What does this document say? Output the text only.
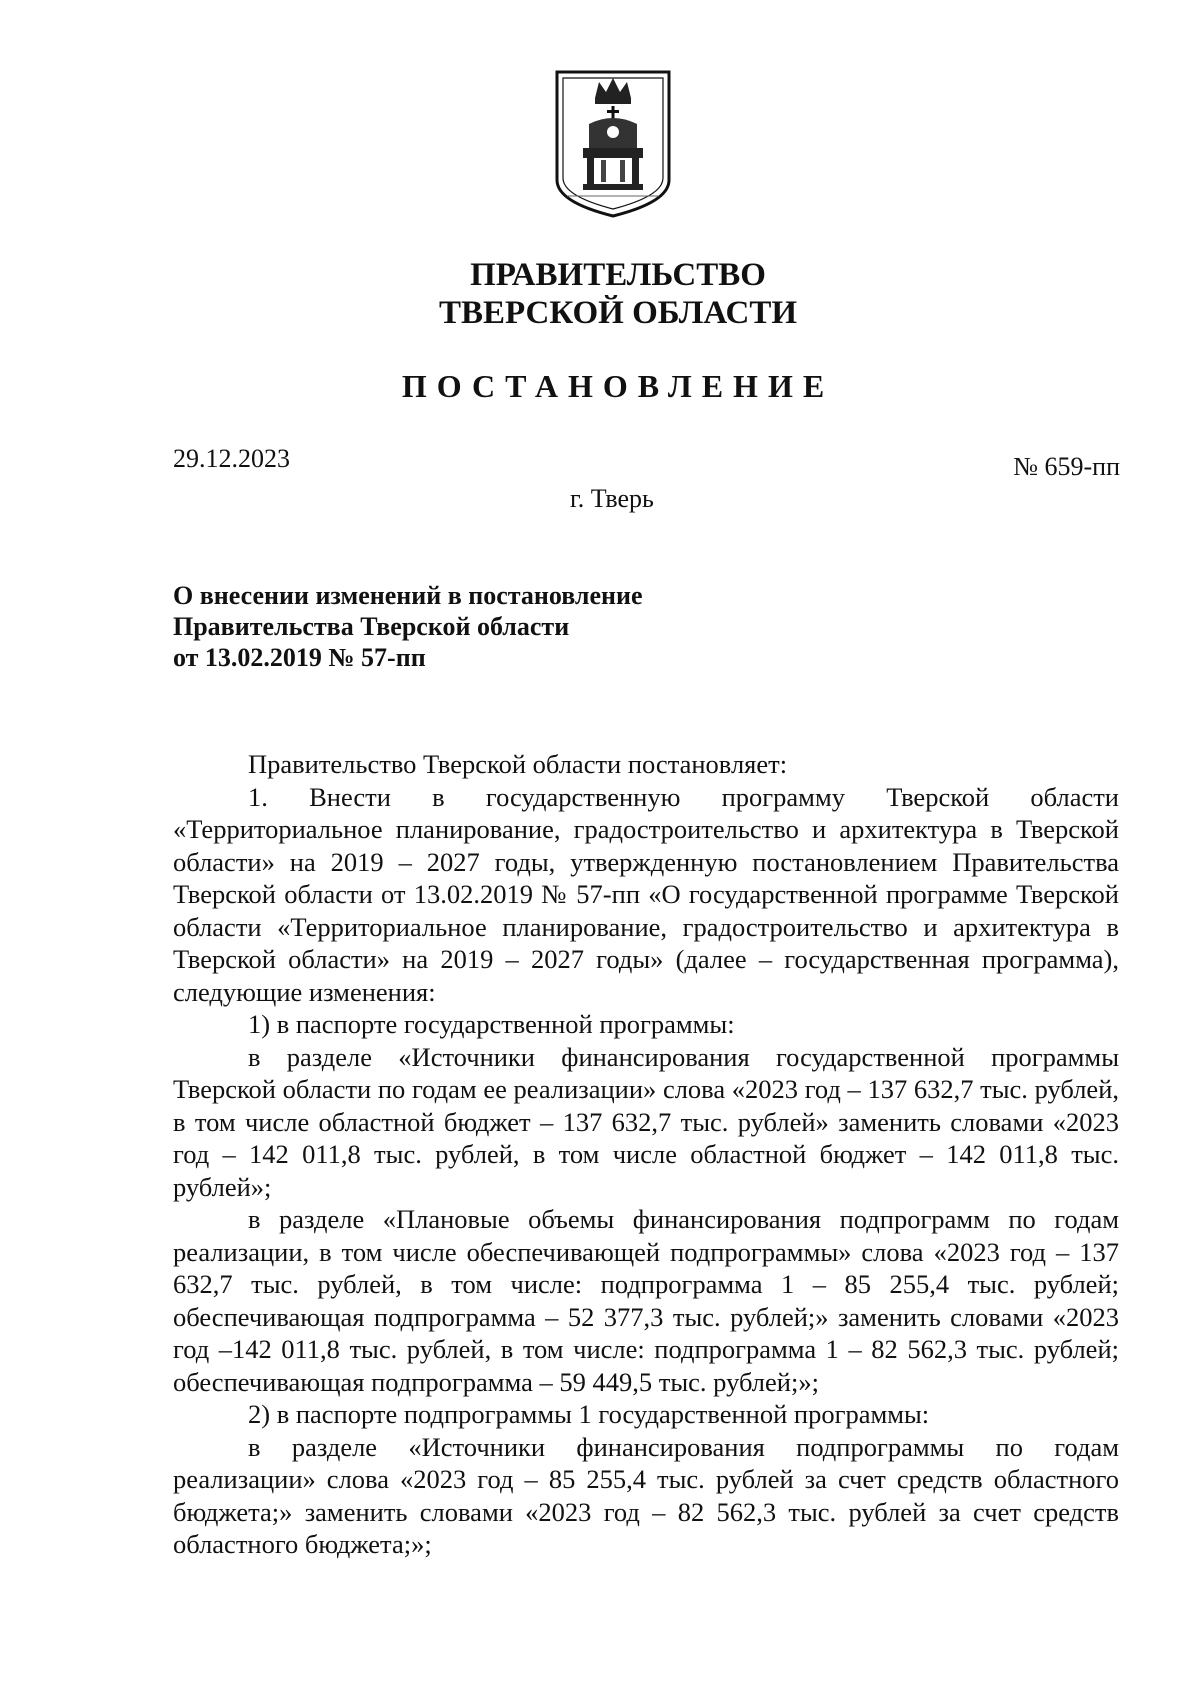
ПРАВИТЕЛЬСТВО
ТВЕРСКОЙ ОБЛАСТИ
ПОСТАНОВЛЕНИЕ
29.12.2023	№ 659-пп
г. Тверь
О внесении изменений в постановление
Правительства Тверской области
от 13.02.2019 № 57-пп

Правительство Тверской области постановляет:

1. Внести в государственную программу Тверской области «Территориальное планирование, градостроительство и архитектура в Тверской области» на 2019 – 2027 годы, утвержденную постановлением Правительства Тверской области от 13.02.2019 № 57-пп «О государственной программе Тверской области «Территориальное планирование, градостроительство и архитектура в Тверской области» на 2019 – 2027 годы» (далее – государственная программа), следующие изменения:

1) в паспорте государственной программы:

в разделе «Источники финансирования государственной программы Тверской области по годам ее реализации» слова «2023 год – 137 632,7 тыс. рублей, в том числе областной бюджет – 137 632,7 тыс. рублей» заменить словами «2023 год – 142 011,8 тыс. рублей, в том числе областной бюджет – 142 011,8 тыс. рублей»;

в разделе «Плановые объемы финансирования подпрограмм по годам реализации, в том числе обеспечивающей подпрограммы» слова «2023 год – 137 632,7 тыс. рублей, в том числе: подпрограмма 1 – 85 255,4 тыс. рублей; обеспечивающая подпрограмма – 52 377,3 тыс. рублей;» заменить словами «2023 год –142 011,8 тыс. рублей, в том числе: подпрограмма 1 – 82 562,3 тыс. рублей; обеспечивающая подпрограмма – 59 449,5 тыс. рублей;»;

2) в паспорте подпрограммы 1 государственной программы:

в разделе «Источники финансирования подпрограммы по годам реализации» слова «2023 год – 85 255,4 тыс. рублей за счет средств областного бюджета;» заменить словами «2023 год – 82 562,3 тыс. рублей за счет средств областного бюджета;»;
